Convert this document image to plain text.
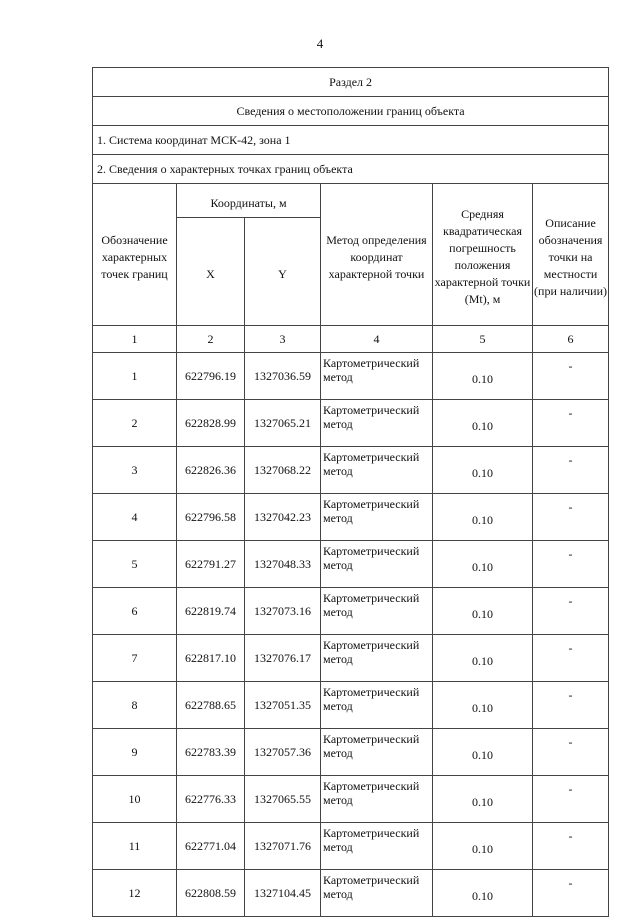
4
Раздел 2					
Сведения о местоположении границ объекта					
1. Система координат МСК-42, зона 1					
2. Сведения о характерных точках границ объекта					
Обозначение характерных точек границ	Координаты, м		Метод определения координат характерной точки	Средняя квадратическая погрешность положения характерной точки (Mt), м	Описание обозначения точки на местности (при наличии)
	X	Y			
1	2	3	4	5	6
1	622796.19	1327036.59	Картометрический метод	0.10	-
2	622828.99	1327065.21	Картометрический метод	0.10	-
3	622826.36	1327068.22	Картометрический метод	0.10	-
4	622796.58	1327042.23	Картометрический метод	0.10	-
5	622791.27	1327048.33	Картометрический метод	0.10	-
6	622819.74	1327073.16	Картометрический метод	0.10	-
7	622817.10	1327076.17	Картометрический метод	0.10	-
8	622788.65	1327051.35	Картометрический метод	0.10	-
9	622783.39	1327057.36	Картометрический метод	0.10	-
10	622776.33	1327065.55	Картометрический метод	0.10	-
11	622771.04	1327071.76	Картометрический метод	0.10	-
12	622808.59	1327104.45	Картометрический метод	0.10	-
